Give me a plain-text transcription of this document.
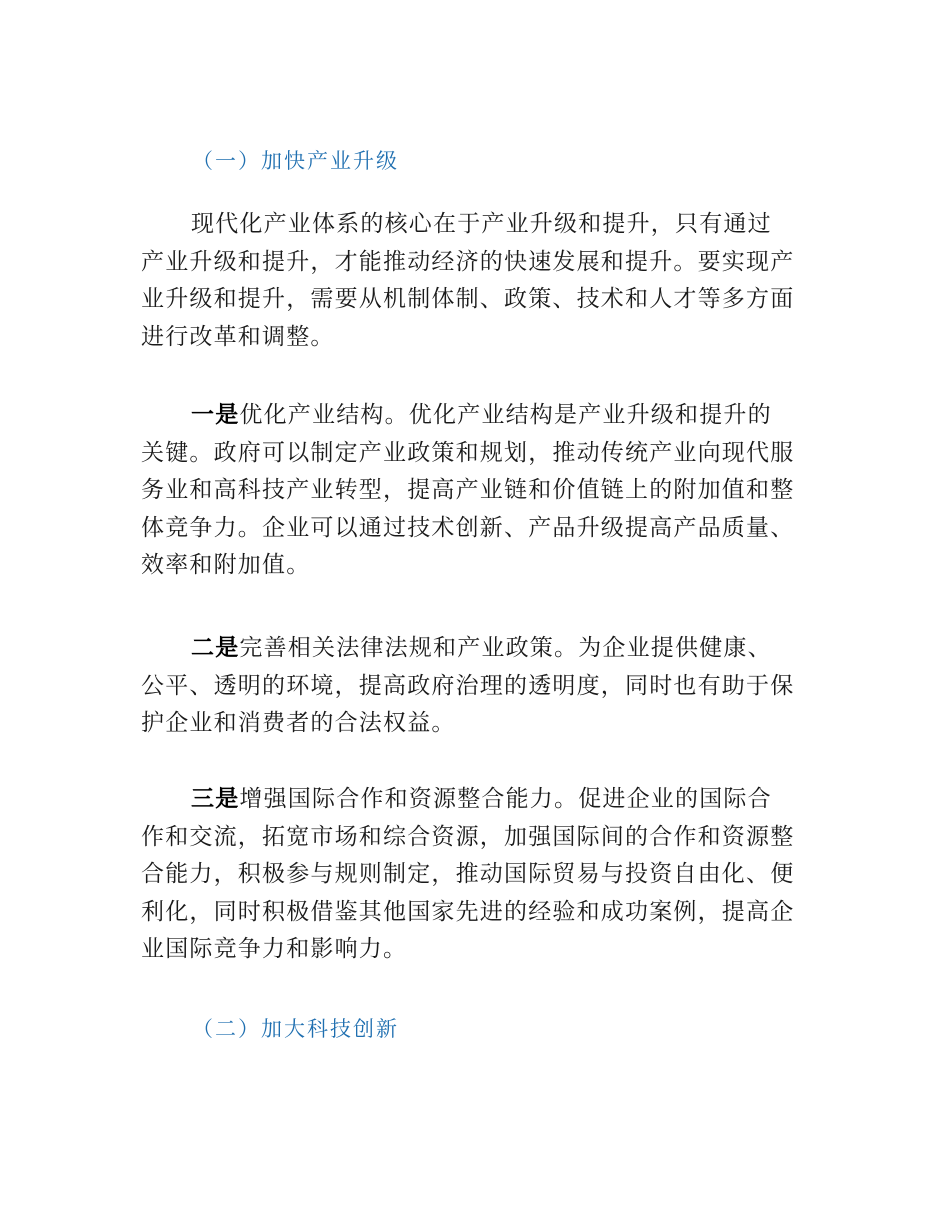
（一）加快产业升级
现代化产业体系的核心在于产业升级和提升，只有通过
产业升级和提升，才能推动经济的快速发展和提升。要实现产
业升级和提升，需要从机制体制、政策、技术和人才等多方面
进行改革和调整。
一是优化产业结构。优化产业结构是产业升级和提升的
关键。政府可以制定产业政策和规划，推动传统产业向现代服
务业和高科技产业转型，提高产业链和价值链上的附加值和整
体竞争力。企业可以通过技术创新、产品升级提高产品质量、
效率和附加值。
二是完善相关法律法规和产业政策。为企业提供健康、
公平、透明的环境，提高政府治理的透明度，同时也有助于保
护企业和消费者的合法权益。
三是增强国际合作和资源整合能力。促进企业的国际合
作和交流，拓宽市场和综合资源，加强国际间的合作和资源整
合能力，积极参与规则制定，推动国际贸易与投资自由化、便
利化，同时积极借鉴其他国家先进的经验和成功案例，提高企
业国际竞争力和影响力。
（二）加大科技创新
